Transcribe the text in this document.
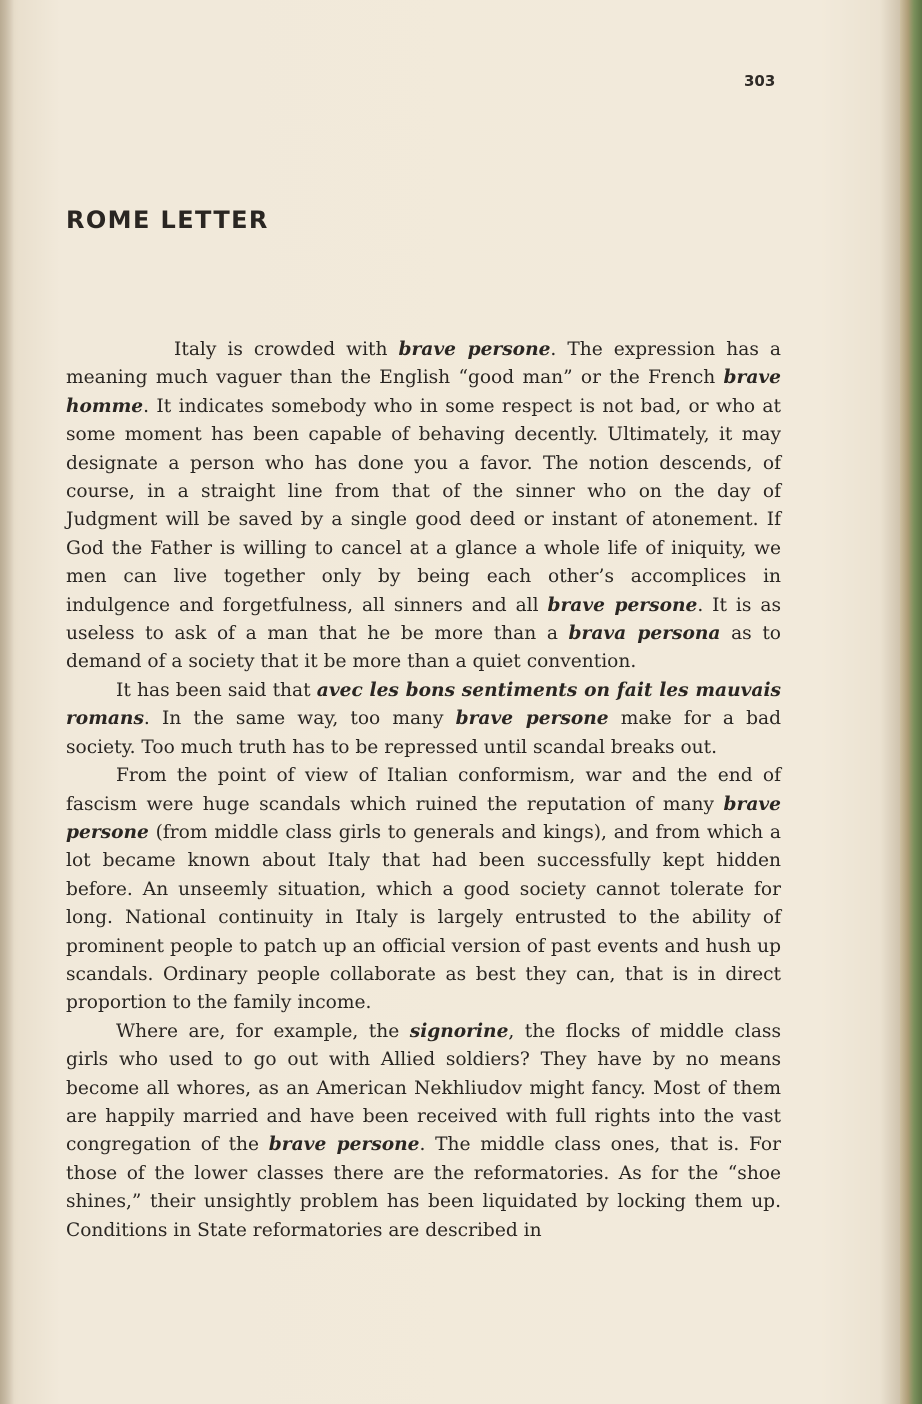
303
ROME LETTER

Italy is crowded with brave persone. The expression has a meaning much vaguer than the English “good man” or the French brave homme. It indicates somebody who in some respect is not bad, or who at some moment has been capable of behaving decently. Ultimately, it may designate a person who has done you a favor. The notion descends, of course, in a straight line from that of the sinner who on the day of Judgment will be saved by a single good deed or instant of atonement. If God the Father is willing to cancel at a glance a whole life of iniquity, we men can live together only by being each other’s accomplices in indulgence and forgetfulness, all sinners and all brave persone. It is as useless to ask of a man that he be more than a brava persona as to demand of a society that it be more than a quiet convention.

It has been said that avec les bons sentiments on fait les mauvais romans. In the same way, too many brave persone make for a bad society. Too much truth has to be repressed until scandal breaks out.

From the point of view of Italian conformism, war and the end of fascism were huge scandals which ruined the reputation of many brave persone (from middle class girls to generals and kings), and from which a lot became known about Italy that had been successfully kept hidden before. An unseemly situation, which a good society cannot tolerate for long. National continuity in Italy is largely entrusted to the ability of prominent people to patch up an official version of past events and hush up scandals. Ordinary people collaborate as best they can, that is in direct proportion to the family income.

Where are, for example, the signorine, the flocks of middle class girls who used to go out with Allied soldiers? They have by no means become all whores, as an American Nekhliudov might fancy. Most of them are happily married and have been received with full rights into the vast congregation of the brave persone. The middle class ones, that is. For those of the lower classes there are the reformatories. As for the “shoe shines,” their unsightly problem has been liquidated by locking them up. Conditions in State reformatories are described in
